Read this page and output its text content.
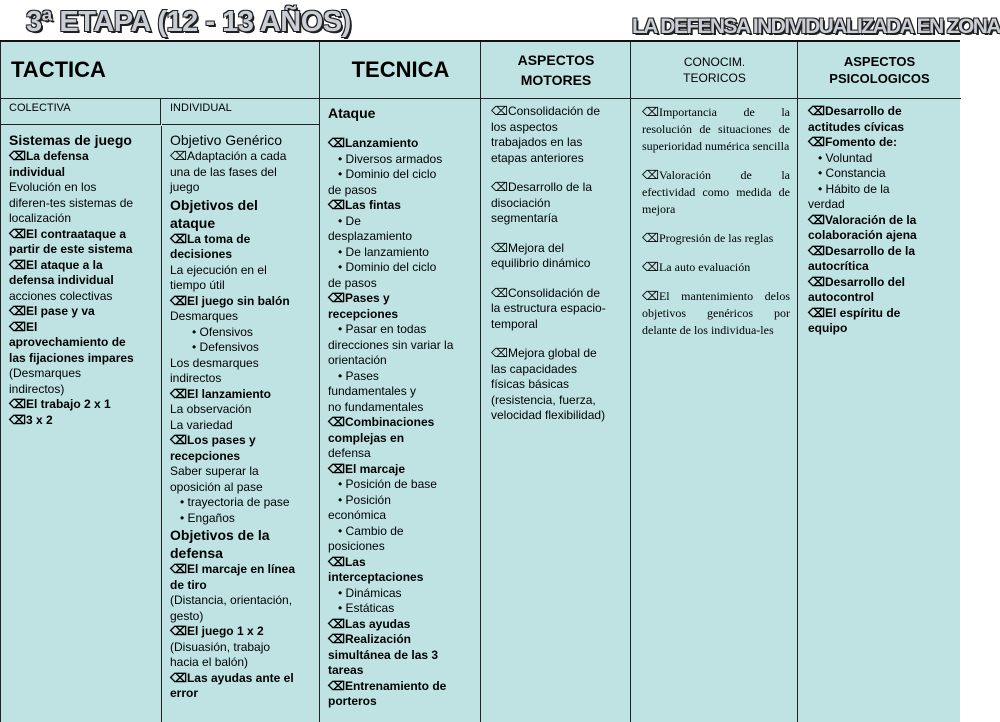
3ª ETAPA (12 - 13 AÑOS)	LA DEFENSA INDIVIDUALIZADA EN ZONA
TACTICA
COLECTIVA	INDIVIDUAL
Sistemas de juego
⌫La defensa
individual
Evolución en los
diferen-tes sistemas de
localización
⌫El contraataque a
partir de este sistema
⌫El ataque a la
defensa individual
acciones colectivas
⌫El pase y va
⌫El
aprovechamiento de
las fijaciones impares
(Desmarques
indirectos)
⌫El trabajo 2 x 1
⌫3 x 2
Objetivo Genérico
⌫Adaptación a cada
una de las fases del
juego
Objetivos del
ataque
⌫La toma de
decisiones
La ejecución en el
tiempo útil
⌫El juego sin balón
Desmarques
• Ofensivos
• Defensivos
Los desmarques
indirectos
⌫El lanzamiento
La observación
La variedad
⌫Los pases y
recepciones
Saber superar la
oposición al pase
• trayectoria de pase
• Engaños
Objetivos de la
defensa
⌫El marcaje en línea
de tiro
(Distancia, orientación,
gesto)
⌫El juego 1 x 2
(Disuasión, trabajo
hacia el balón)
⌫Las ayudas ante el
error
TECNICA
Ataque
⌫Lanzamiento
• Diversos armados
• Dominio del ciclo
de pasos
⌫Las fintas
• De
desplazamiento
• De lanzamiento
• Dominio del ciclo
de pasos
⌫Pases y
recepciones
• Pasar en todas
direcciones sin variar la
orientación
• Pases
fundamentales y
no fundamentales
⌫Combinaciones
complejas en
defensa
⌫El marcaje
• Posición de base
• Posición
económica
• Cambio de
posiciones
⌫Las
interceptaciones
• Dinámicas
• Estáticas
⌫Las ayudas
⌫Realización
simultánea de las 3
tareas
⌫Entrenamiento de
porteros
ASPECTOS
MOTORES
⌫Consolidación de
los aspectos
trabajados en las
etapas anteriores
⌫Desarrollo de la
disociación
segmentaría
⌫Mejora del
equilibrio dinámico
⌫Consolidación de
la estructura espacio-
temporal
⌫Mejora global de
las capacidades
físicas básicas
(resistencia, fuerza,
velocidad flexibilidad)
CONOCIM.
TEORICOS
⌫Importancia de la resolución de situaciones de superioridad numérica sencilla
⌫Valoración de la efectividad como medida de mejora
⌫Progresión de las reglas
⌫La auto evaluación
⌫El mantenimiento delos objetivos genéricos por delante de los individua-les
ASPECTOS
PSICOLOGICOS
⌫Desarrollo de
actitudes cívicas
⌫Fomento de:
• Voluntad
• Constancia
• Hábito de la
verdad
⌫Valoración de la
colaboración ajena
⌫Desarrollo de la
autocrítica
⌫Desarrollo del
autocontrol
⌫El espíritu de
equipo
